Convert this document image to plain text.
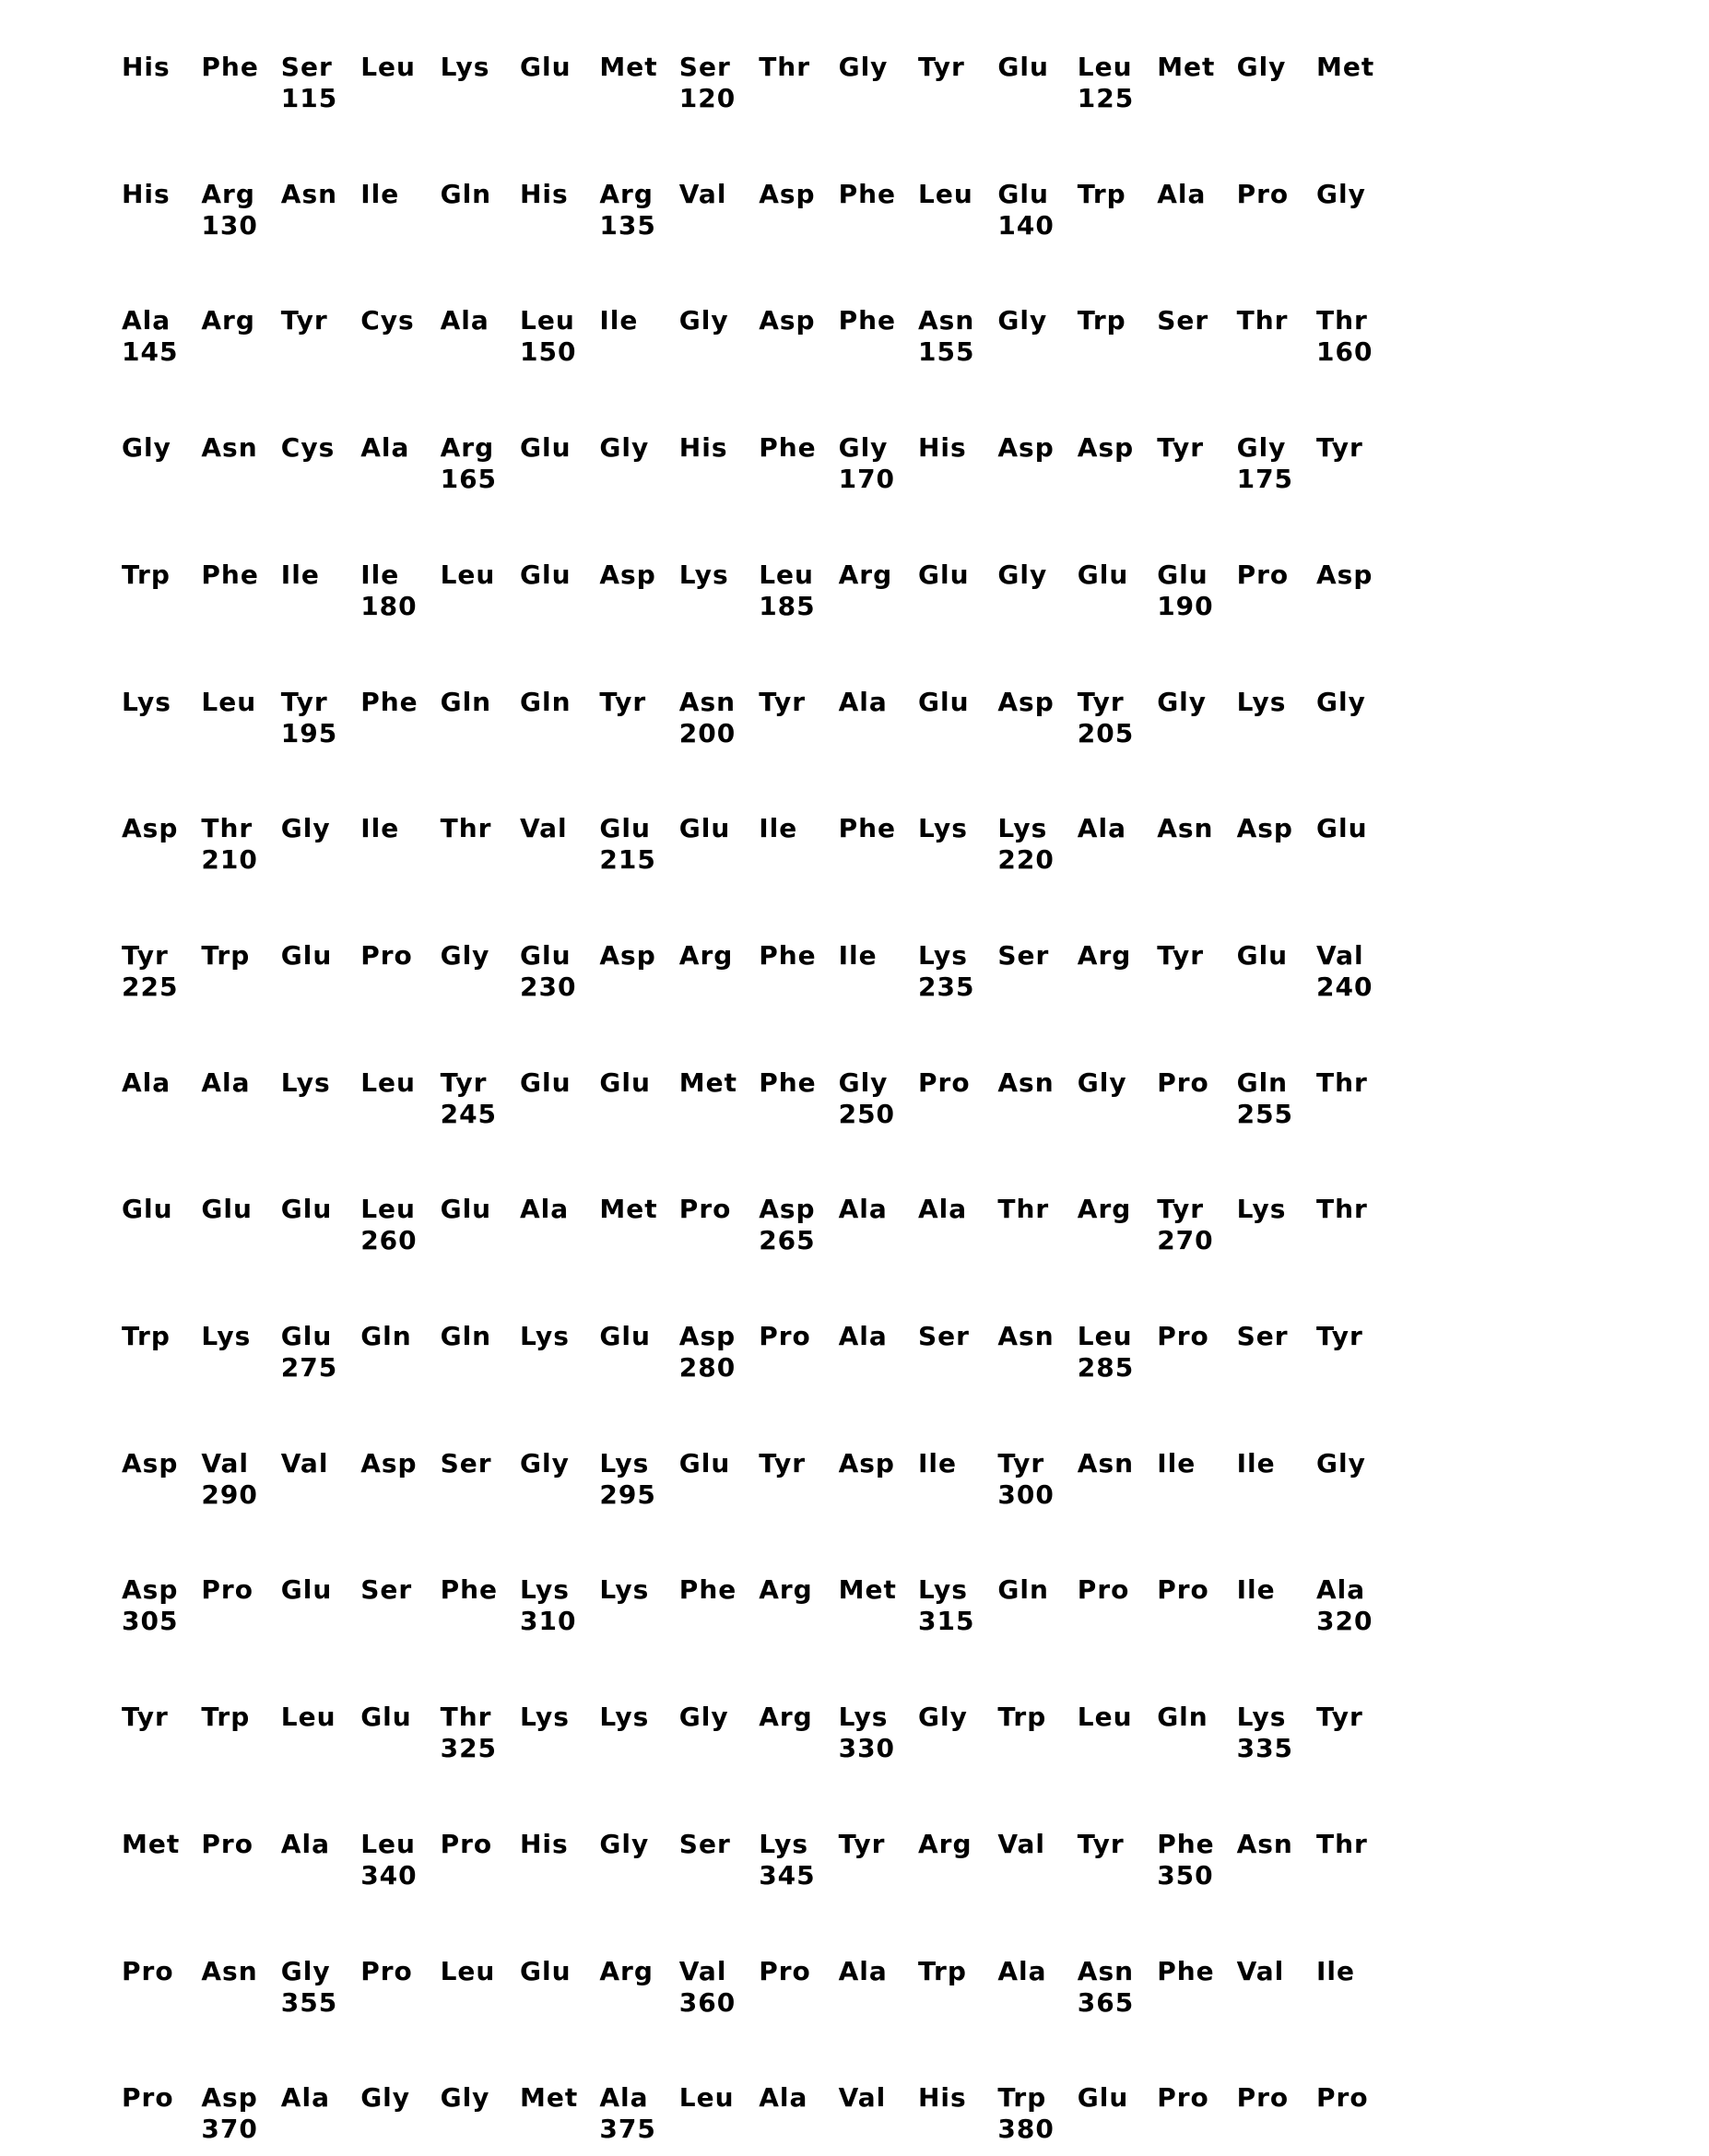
His Phe Ser Leu Lys Glu Met Ser Thr Gly Tyr Glu Leu Met Gly Met
115	120	125
His Arg Asn Ile Gln His Arg Val Asp Phe Leu Glu Trp Ala Pro Gly
130	135	140
Ala Arg Tyr Cys Ala Leu Ile Gly Asp Phe Asn Gly Trp Ser Thr Thr
145	150	155	160
Gly Asn Cys Ala Arg Glu Gly His Phe Gly His Asp Asp Tyr Gly Tyr
165	170	175
Trp Phe Ile Ile Leu Glu Asp Lys Leu Arg Glu Gly Glu Glu Pro Asp
180	185	190
Lys Leu Tyr Phe Gln Gln Tyr Asn Tyr Ala Glu Asp Tyr Gly Lys Gly
195	200	205
Asp Thr Gly Ile Thr Val Glu Glu Ile Phe Lys Lys Ala Asn Asp Glu
210	215	220
Tyr Trp Glu Pro Gly Glu Asp Arg Phe Ile Lys Ser Arg Tyr Glu Val
225	230	235	240
Ala Ala Lys Leu Tyr Glu Glu Met Phe Gly Pro Asn Gly Pro Gln Thr
245	250	255
Glu Glu Glu Leu Glu Ala Met Pro Asp Ala Ala Thr Arg Tyr Lys Thr
260	265	270
Trp Lys Glu Gln Gln Lys Glu Asp Pro Ala Ser Asn Leu Pro Ser Tyr
275	280	285
Asp Val Val Asp Ser Gly Lys Glu Tyr Asp Ile Tyr Asn Ile Ile Gly
290	295	300
Asp Pro Glu Ser Phe Lys Lys Phe Arg Met Lys Gln Pro Pro Ile Ala
305	310	315	320
Tyr Trp Leu Glu Thr Lys Lys Gly Arg Lys Gly Trp Leu Gln Lys Tyr
325	330	335
Met Pro Ala Leu Pro His Gly Ser Lys Tyr Arg Val Tyr Phe Asn Thr
340	345	350
Pro Asn Gly Pro Leu Glu Arg Val Pro Ala Trp Ala Asn Phe Val Ile
355	360	365
Pro Asp Ala Gly Gly Met Ala Leu Ala Val His Trp Glu Pro Pro Pro
370	375	380
